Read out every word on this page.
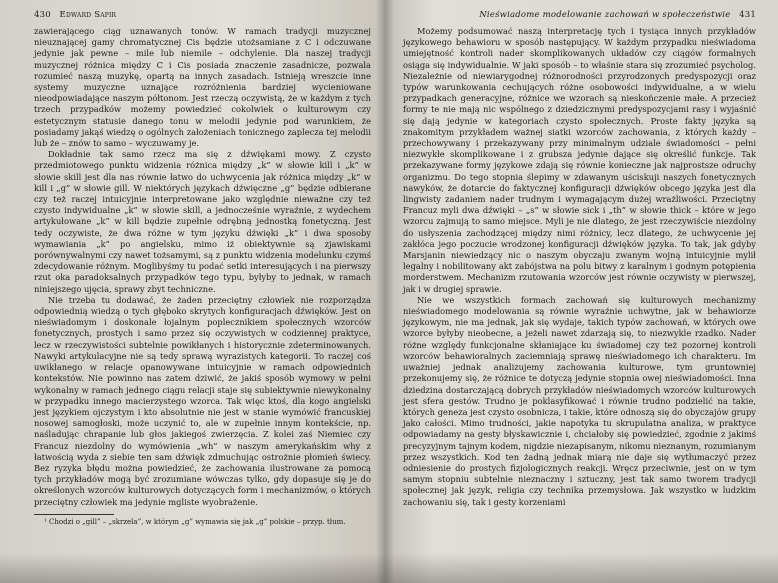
430 Edward Sapir

zawierającego ciąg uznawanych tonów. W ramach tradycji muzycznej nieuznającej gamy chromatycznej Cis będzie utożsamiane z C i odczuwane jedynie jak pewne – mile lub niemile – odchylenie. Dla naszej tradycji muzycznej różnica między C i Cis posiada znaczenie zasadnicze, pozwala rozumieć naszą muzykę, opartą na innych zasadach. Istnieją wreszcie inne systemy muzyczne uznające rozróżnienia bardziej wycieniowane nieodpowiadające naszym półtonom. Jest rzeczą oczywistą, że w każdym z tych trzech przypadków możemy powiedzieć cokolwiek o kulturowym czy estetycznym statusie danego tonu w melodii jedynie pod warunkiem, że posiadamy jakąś wiedzę o ogólnych założeniach tonicznego zaplecza tej melodii lub że – znów to samo – wyczuwamy je.

Dokładnie tak samo rzecz ma się z dźwiękami mowy. Z czysto przedmiotowego punktu widzenia różnica między „k” w słowie kill i „k” w słowie skill jest dla nas równie łatwo do uchwycenia jak różnica między „k” w kill i „g” w słowie gill. W niektórych językach dźwięczne „g” będzie odbierane czy też raczej intuicyjnie interpretowane jako względnie nieważne czy też czysto indywidualne „k” w słowie skill, a jednocześnie wyraźnie, z wydechem artykułowane „k” w kill będzie zupełnie odrębną jednostką fonetyczną. Jest tedy oczywiste, że dwa różne w tym języku dźwięki „k” i dwa sposoby wymawiania „k” po angielsku, mimo iż obiektywnie są zjawiskami porównywalnymi czy nawet tożsamymi, są z punktu widzenia modelunku czymś zdecydowanie różnym. Moglibyśmy tu podać setki interesujących i na pierwszy rzut oka paradoksalnych przypadków tego typu, byłyby to jednak, w ramach niniejszego ujęcia, sprawy zbyt techniczne.

Nie trzeba tu dodawać, że żaden przeciętny człowiek nie rozporządza odpowiednią wiedzą o tych głęboko skrytych konfiguracjach dźwięków. Jest on nieświadomym i doskonale łojalnym poplecznikiem społecznych wzorców fonetycznych, prostych i samo przez się oczywistych w codziennej praktyce, lecz w rzeczywistości subtelnie powikłanych i historycznie zdeterminowanych. Nawyki artykulacyjne nie są tedy sprawą wyrazistych kategorii. To raczej coś uwikłanego w relacje opanowywane intuicyjnie w ramach odpowiednich kontekstów. Nie powinno nas zatem dziwić, że jakiś sposób wymowy w pełni wykonalny w ramach jednego ciągu relacji staje się subiektywnie niewykonalny w przypadku innego macierzystego wzorca. Tak więc ktoś, dla kogo angielski jest językiem ojczystym i kto absolutnie nie jest w stanie wymówić francuskiej nosowej samogłoski, może uczynić to, ale w zupełnie innym kontekście, np. naśladując chrapanie lub głos jakiegoś zwierzęcia. Z kolei zaś Niemiec czy Francuz niezdolny do wymówienia „wh” w naszym amerykańskim why z łatwością wyda z siebie ten sam dźwięk zdmuchując ostrożnie płomień świecy. Bez ryzyka błędu można powiedzieć, że zachowania ilustrowane za pomocą tych przykładów mogą być zrozumiane wówczas tylko, gdy dopasuje się je do określonych wzorców kulturowych dotyczących form i mechanizmów, o których przeciętny człowiek ma jedynie mgliste wyobrażenie.

¹ Chodzi o „gill” – „skrzela”, w którym „g” wymawia się jak „g” polskie – przyp. tłum.
Nieświadome modelowanie zachowań w społeczeństwie 431

Możemy podsumować naszą interpretację tych i tysiąca innych przykładów językowego behawioru w sposób następujący. W każdym przypadku nieświadoma umiejętność kontroli nader skomplikowanych układów czy ciągów formalnych osiąga się indywidualnie. W jaki sposób – to właśnie stara się zrozumieć psycholog. Niezależnie od niewiarygodnej różnorodności przyrodzonych predyspozycji oraz typów warunkowania cechujących różne osobowości indywidualne, a w wielu przypadkach generacyjne, różnice we wzorach są nieskończenie małe. A przecież formy te nie mają nic wspólnego z dziedzicznymi predyspozycjami rasy i wyjaśnić się dają jedynie w kategoriach czysto społecznych. Proste fakty języka są znakomitym przykładem ważnej siatki wzorców zachowania, z których każdy – przechowywany i przekazywany przy minimalnym udziale świadomości – pełni niezwykłe skomplikowane i z grubsza jedynie dające się określić funkcje. Tak przekazywane formy językowe zdają się równie konieczne jak najprostsze odruchy organizmu. Do tego stopnia ślepimy w zdawanym uściskuji naszych fonetycznych nawyków, że dotarcie do faktycznej konfiguracji dźwięków obcego języka jest dla lingwisty zadaniem nader trudnym i wymagającym dużej wrażliwości. Przeciętny Francuz myli dwa dźwięki – „s” w słowie sick i „th” w słowie thick – które w jego wzorcu zajmują to samo miejsce. Myli je nie dlatego, że jest rzeczywiście niezdolny do usłyszenia zachodzącej między nimi różnicy, lecz dlatego, że uchwycenie jej zakłóca jego poczucie wrodzonej konfiguracji dźwięków języka. To tak, jak gdyby Marsjanin niewiedzący nic o naszym obyczaju zwanym wojną intuicyjnie mylił legalny i nobilitowany akt zabójstwa na polu bitwy z karalnym i godnym potępienia morderstwem. Mechanizm rzutowania wzorców jest równie oczywisty w pierwszej, jak i w drugiej sprawie.

Nie we wszystkich formach zachowań się kulturowych mechanizmy nieświadomego modelowania są równie wyraźnie uchwytne, jak w behawiorze językowym, nie ma jednak, jak się wydaje, takich typów zachowań, w których owe wzorce byłyby nieobecne, a jeżeli nawet zdarzają się, to niezwykle rzadko. Nader różne względy funkcjonalne skłaniające ku świadomej czy też pozornej kontroli wzorców behawioralnych zaciemniają sprawę nieświadomego ich charakteru. Im uważniej jednak analizujemy zachowania kulturowe, tym gruntowniej przekonujemy się, że różnice te dotyczą jedynie stopnia owej nieświadomości. Inna dziedzina dostarczającą dobrych przykładów nieświadomych wzorców kulturowych jest sfera gestów. Trudno je poklasyfikować i równie trudno podzielić na takie, których geneza jest czysto osobnicza, i takie, które odnoszą się do obyczajów grupy jako całości. Mimo trudności, jakie napotyka tu skrupulatna analiza, w praktyce odpowiadamy na gesty błyskawicznie i, chciałoby się powiedzieć, zgodnie z jakimś precyzyjnym tajnym kodem, nigdzie niezapisanym, nikomu nieznanym, rozumianym przez wszystkich. Kod ten żadną jednak miarą nie daje się wytłumaczyć przez odniesienie do prostych fizjologicznych reakcji. Wręcz przeciwnie, jest on w tym samym stopniu subtelnie nieznaczny i sztuczny, jest tak samo tworem tradycji społecznej jak język, religia czy technika przemysłowa. Jak wszystko w ludzkim zachowaniu się, tak i gesty korzeniami
